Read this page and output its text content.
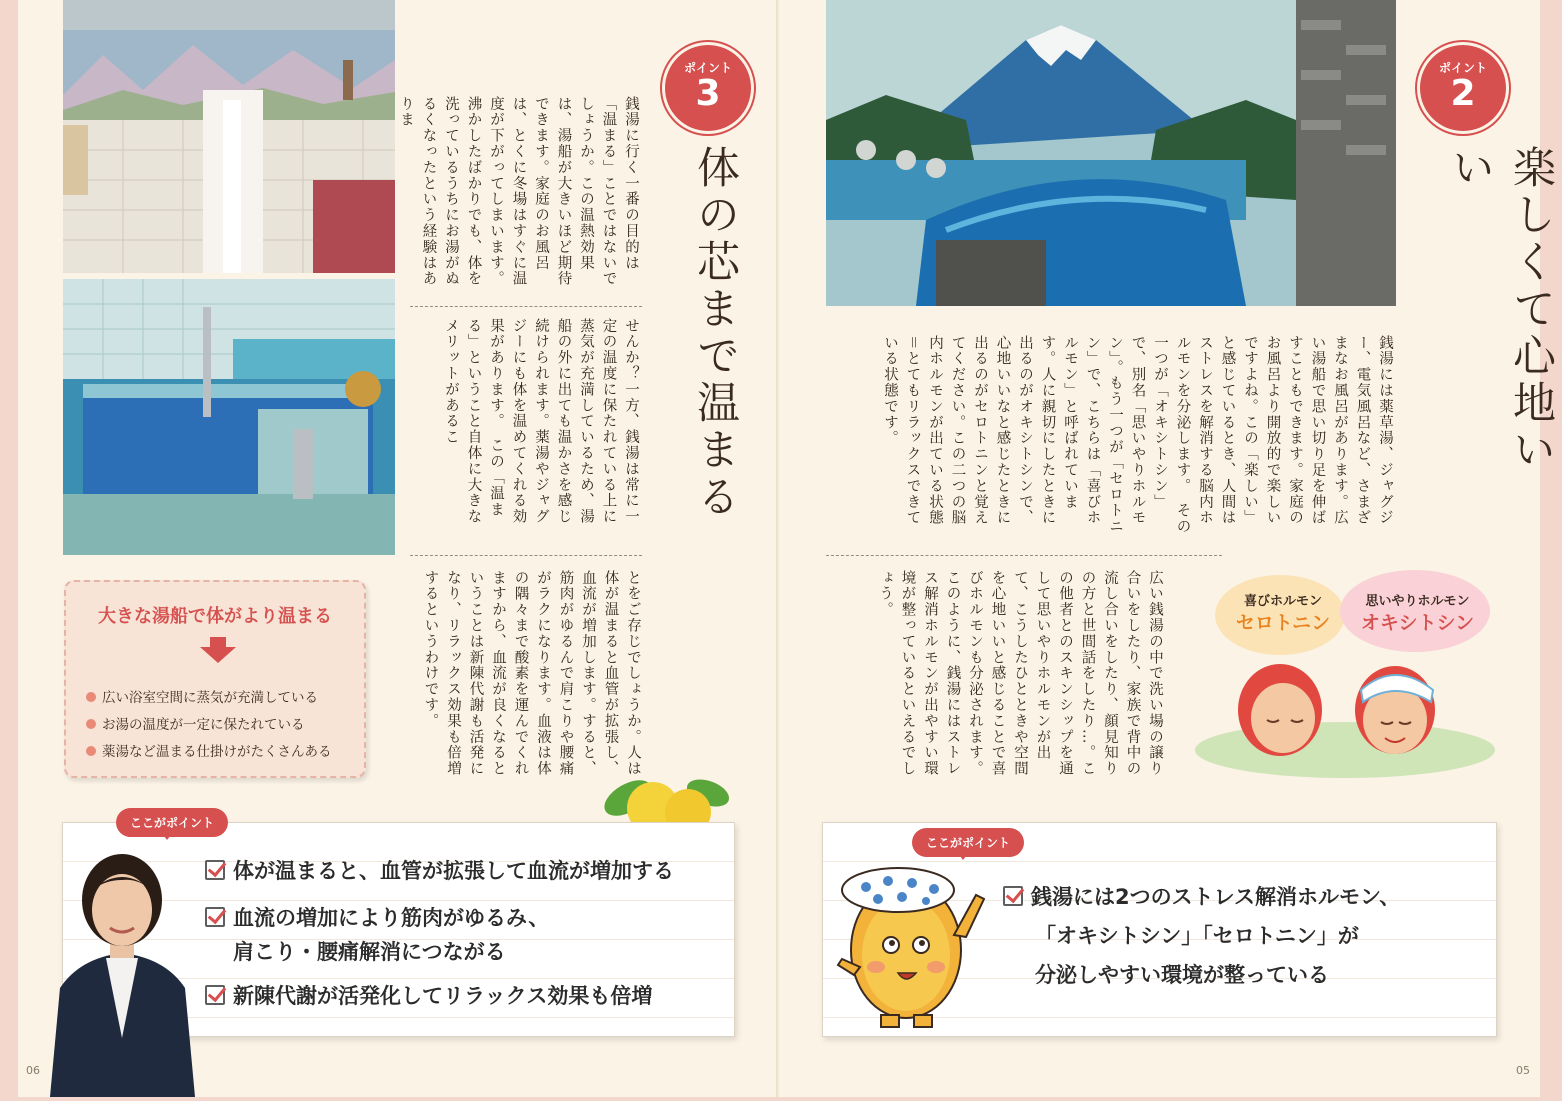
ポイント
3
体の芯まで温まる
銭湯に行く一番の目的は「温まる」ことではないでしょうか。この温熱効果は、湯船が大きいほど期待できます。家庭のお風呂は、とくに冬場はすぐに温度が下がってしまいます。沸かしたばかりでも、体を洗っているうちにお湯がぬるくなったという経験はありま
せんか？一方、銭湯は常に一定の温度に保たれている上に蒸気が充満しているため、湯船の外に出ても温かさを感じ続けられます。薬湯やジャグジーにも体を温めてくれる効果があります。　この「温まる」ということ自体に大きなメリットがあるこ
とをご存じでしょうか。人は体が温まると血管が拡張し、血流が増加します。すると、筋肉がゆるんで肩こりや腰痛がラクになります。血液は体の隅々まで酸素を運んでくれますから、血流が良くなるということは新陳代謝も活発になり、リラックス効果も倍増するというわけです。
大きな湯船で体がより温まる
広い浴室空間に蒸気が充満している
お湯の温度が一定に保たれている
薬湯など温まる仕掛けがたくさんある
体が温まると、血管が拡張して血流が増加する
血流の増加により筋肉がゆるみ、
肩こり・腰痛解消につながる
新陳代謝が活発化してリラックス効果も倍増
ここがポイント
06
ポイント
2
楽しくて心地いい
銭湯には薬草湯、ジャグジー、電気風呂など、さまざまなお風呂があります。広い湯船で思い切り足を伸ばすこともできます。家庭のお風呂より開放的で楽しいですよね。この「楽しい」と感じているとき、人間はストレスを解消する脳内ホルモンを分泌します。　その一つが「オキシトシン」で、別名「思いやりホルモン」。もう一つが「セロトニン」で、こちらは「喜びホルモン」と呼ばれています。人に親切にしたときに出るのがオキシトシンで、心地いいなと感じたときに出るのがセロトニンと覚えてください。この二つの脳内ホルモンが出ている状態＝とてもリラックスできている状態です。
広い銭湯の中で洗い場の譲り合いをしたり、家族で背中の流し合いをしたり、顔見知りの方と世間話をしたり…。この他者とのスキンシップを通して思いやりホルモンが出て、こうしたひとときや空間を心地いいと感じることで喜びホルモンも分泌されます。このように、銭湯にはストレス解消ホルモンが出やすい環境が整っているといえるでしょう。	喜びホルモン
セロトニン
思いやりホルモン
オキシトシン
銭湯には2つのストレス解消ホルモン、
「オキシトシン」「セロトニン」が
分泌しやすい環境が整っている
ここがポイント
05
